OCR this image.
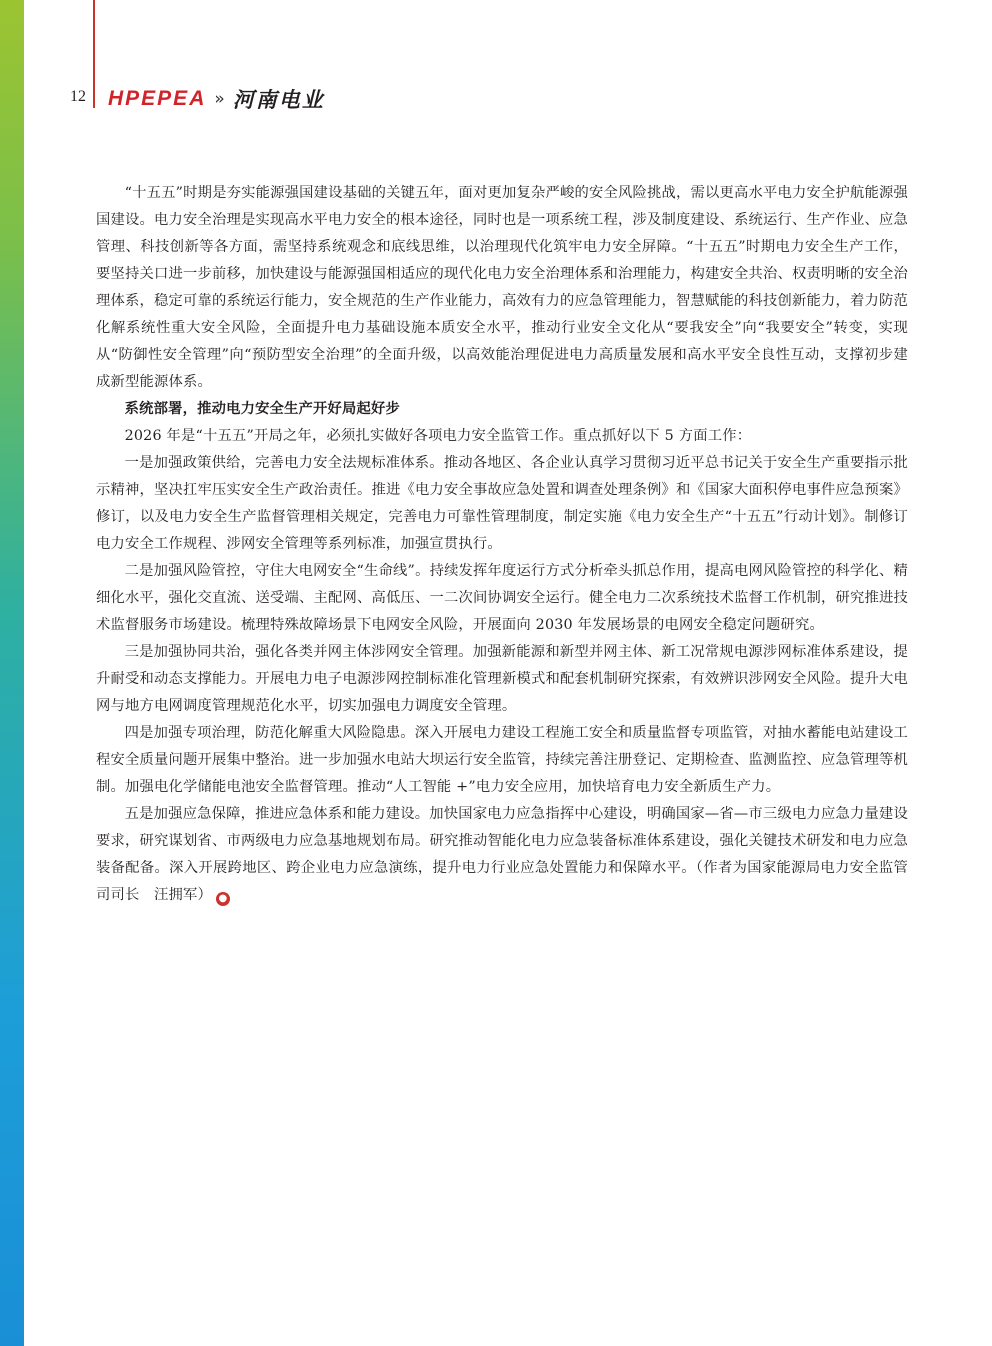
12 HPEPEA » 河南电业

“十五五”时期是夯实能源强国建设基础的关键五年，面对更加复杂严峻的安全风险挑战，需以更高水平电力安全护航能源强国建设。电力安全治理是实现高水平电力安全的根本途径，同时也是一项系统工程，涉及制度建设、系统运行、生产作业、应急管理、科技创新等各方面，需坚持系统观念和底线思维，以治理现代化筑牢电力安全屏障。“十五五”时期电力安全生产工作，要坚持关口进一步前移，加快建设与能源强国相适应的现代化电力安全治理体系和治理能力，构建安全共治、权责明晰的安全治理体系，稳定可靠的系统运行能力，安全规范的生产作业能力，高效有力的应急管理能力，智慧赋能的科技创新能力，着力防范化解系统性重大安全风险，全面提升电力基础设施本质安全水平，推动行业安全文化从“要我安全”向“我要安全”转变，实现从“防御性安全管理”向“预防型安全治理”的全面升级，以高效能治理促进电力高质量发展和高水平安全良性互动，支撑初步建成新型能源体系。

系统部署，推动电力安全生产开好局起好步

2026 年是“十五五”开局之年，必须扎实做好各项电力安全监管工作。重点抓好以下 5 方面工作：

一是加强政策供给，完善电力安全法规标准体系。推动各地区、各企业认真学习贯彻习近平总书记关于安全生产重要指示批示精神，坚决扛牢压实安全生产政治责任。推进《电力安全事故应急处置和调查处理条例》和《国家大面积停电事件应急预案》修订，以及电力安全生产监督管理相关规定，完善电力可靠性管理制度，制定实施《电力安全生产“十五五”行动计划》。制修订电力安全工作规程、涉网安全管理等系列标准，加强宣贯执行。

二是加强风险管控，守住大电网安全“生命线”。持续发挥年度运行方式分析牵头抓总作用，提高电网风险管控的科学化、精细化水平，强化交直流、送受端、主配网、高低压、一二次间协调安全运行。健全电力二次系统技术监督工作机制，研究推进技术监督服务市场建设。梳理特殊故障场景下电网安全风险，开展面向 2030 年发展场景的电网安全稳定问题研究。

三是加强协同共治，强化各类并网主体涉网安全管理。加强新能源和新型并网主体、新工况常规电源涉网标准体系建设，提升耐受和动态支撑能力。开展电力电子电源涉网控制标准化管理新模式和配套机制研究探索，有效辨识涉网安全风险。提升大电网与地方电网调度管理规范化水平，切实加强电力调度安全管理。

四是加强专项治理，防范化解重大风险隐患。深入开展电力建设工程施工安全和质量监督专项监管，对抽水蓄能电站建设工程安全质量问题开展集中整治。进一步加强水电站大坝运行安全监管，持续完善注册登记、定期检查、监测监控、应急管理等机制。加强电化学储能电池安全监督管理。推动“人工智能 +”电力安全应用，加快培育电力安全新质生产力。

五是加强应急保障，推进应急体系和能力建设。加快国家电力应急指挥中心建设，明确国家—省—市三级电力应急力量建设要求，研究谋划省、市两级电力应急基地规划布局。研究推动智能化电力应急装备标准体系建设，强化关键技术研发和电力应急装备配备。深入开展跨地区、跨企业电力应急演练，提升电力行业应急处置能力和保障水平。（作者为国家能源局电力安全监管司司长　汪拥军） ●
